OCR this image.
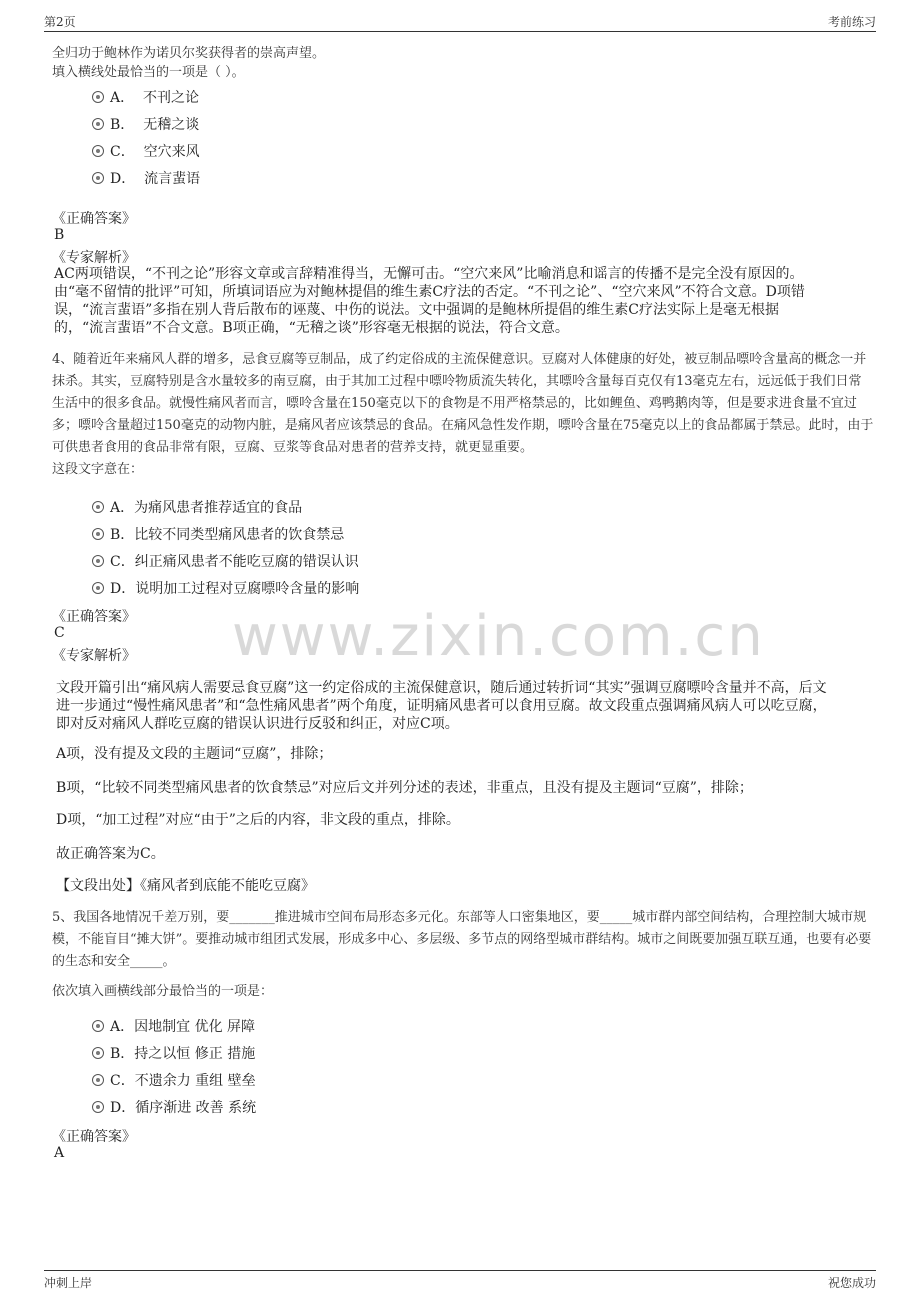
第2页	考前练习
www.zixin.com.cn
全归功于鲍林作为诺贝尔奖获得者的崇高声望。
填入横线处最恰当的一项是（ ）。
A． 不刊之论
B． 无稽之谈
C． 空穴来风
D． 流言蜚语
《正确答案》
B
《专家解析》
AC两项错误，“不刊之论”形容文章或言辞精准得当，无懈可击。“空穴来风”比喻消息和谣言的传播不是完全没有原因的。
由“毫不留情的批评”可知，所填词语应为对鲍林提倡的维生素C疗法的否定。“不刊之论”、“空穴来风”不符合文意。D项错
误，“流言蜚语”多指在别人背后散布的诬蔑、中伤的说法。文中强调的是鲍林所提倡的维生素C疗法实际上是毫无根据
的，“流言蜚语”不合文意。B项正确，“无稽之谈”形容毫无根据的说法，符合文意。
4、随着近年来痛风人群的增多，忌食豆腐等豆制品，成了约定俗成的主流保健意识。豆腐对人体健康的好处，被豆制品嘌呤含量高的概念一并
抹杀。其实，豆腐特别是含水量较多的南豆腐，由于其加工过程中嘌呤物质流失转化，其嘌呤含量每百克仅有13毫克左右，远远低于我们日常
生活中的很多食品。就慢性痛风者而言，嘌呤含量在150毫克以下的食物是不用严格禁忌的，比如鲤鱼、鸡鸭鹅肉等，但是要求进食量不宜过
多；嘌呤含量超过150毫克的动物内脏，是痛风者应该禁忌的食品。在痛风急性发作期，嘌呤含量在75毫克以上的食品都属于禁忌。此时，由于
可供患者食用的食品非常有限，豆腐、豆浆等食品对患者的营养支持，就更显重要。
这段文字意在：
A．为痛风患者推荐适宜的食品
B．比较不同类型痛风患者的饮食禁忌
C．纠正痛风患者不能吃豆腐的错误认识
D．说明加工过程对豆腐嘌呤含量的影响
《正确答案》
C
《专家解析》
文段开篇引出“痛风病人需要忌食豆腐”这一约定俗成的主流保健意识，随后通过转折词“其实”强调豆腐嘌呤含量并不高，后文
进一步通过“慢性痛风患者”和“急性痛风患者”两个角度，证明痛风患者可以食用豆腐。故文段重点强调痛风病人可以吃豆腐，
即对反对痛风人群吃豆腐的错误认识进行反驳和纠正，对应C项。
A项，没有提及文段的主题词“豆腐”，排除；
B项，“比较不同类型痛风患者的饮食禁忌”对应后文并列分述的表述，非重点，且没有提及主题词“豆腐”，排除；
D项，“加工过程”对应“由于”之后的内容，非文段的重点，排除。
故正确答案为C。
【文段出处】《痛风者到底能不能吃豆腐》
5、我国各地情况千差万别，要_______推进城市空间布局形态多元化。东部等人口密集地区，要_____城市群内部空间结构，合理控制大城市规
模，不能盲目“摊大饼”。要推动城市组团式发展，形成多中心、多层级、多节点的网络型城市群结构。城市之间既要加强互联互通，也要有必要
的生态和安全_____。
依次填入画横线部分最恰当的一项是：
A．因地制宜 优化 屏障
B．持之以恒 修正 措施
C．不遗余力 重组 壁垒
D．循序渐进 改善 系统
《正确答案》
A
冲刺上岸	祝您成功
